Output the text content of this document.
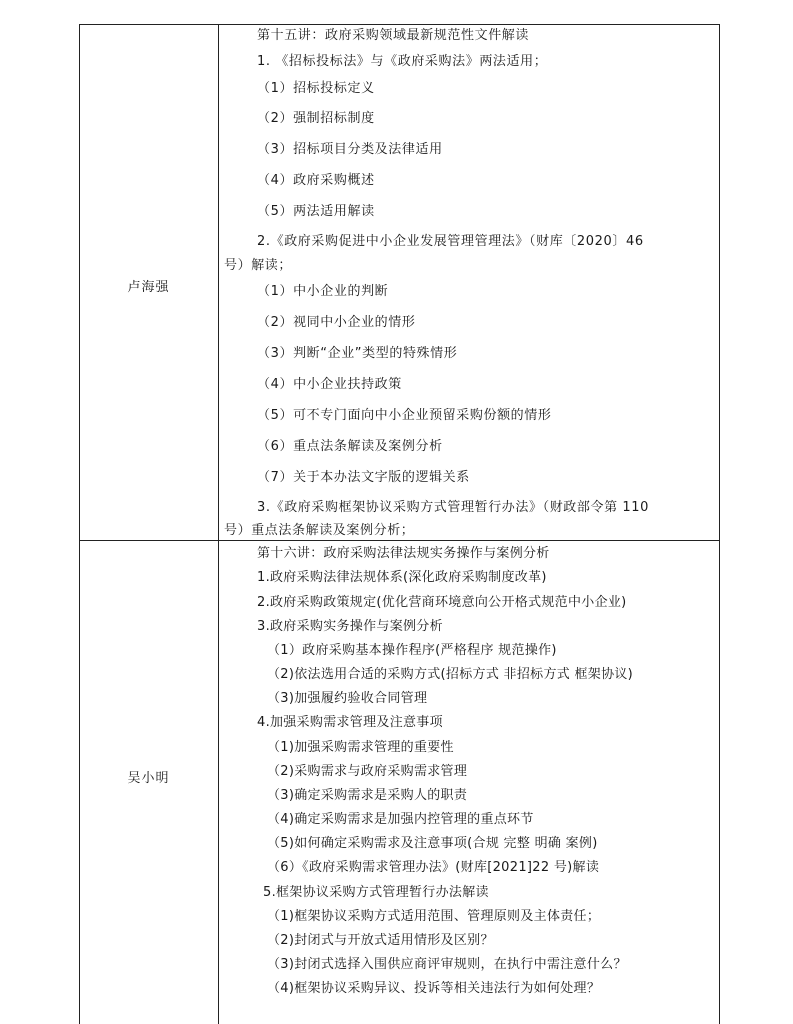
卢海强
第十五讲：政府采购领域最新规范性文件解读
1. 《招标投标法》与《政府采购法》两法适用；
（1）招标投标定义
（2）强制招标制度
（3）招标项目分类及法律适用
（4）政府采购概述
（5）两法适用解读
2.《政府采购促进中小企业发展管理管理法》（财库〔2020〕46
号）解读；
（1）中小企业的判断
（2）视同中小企业的情形
（3）判断“企业”类型的特殊情形
（4）中小企业扶持政策
（5）可不专门面向中小企业预留采购份额的情形
（6）重点法条解读及案例分析
（7）关于本办法文字版的逻辑关系
3.《政府采购框架协议采购方式管理暂行办法》（财政部令第 110
号）重点法条解读及案例分析；
吴小明
第十六讲：政府采购法律法规实务操作与案例分析
1.政府采购法律法规体系(深化政府采购制度改革)
2.政府采购政策规定(优化营商环境意向公开格式规范中小企业)
3.政府采购实务操作与案例分析
（1）政府采购基本操作程序(严格程序 规范操作)
（2)依法选用合适的采购方式(招标方式 非招标方式 框架协议)
（3)加强履约验收合同管理
4.加强采购需求管理及注意事项
（1)加强采购需求管理的重要性
（2)采购需求与政府采购需求管理
（3)确定采购需求是采购人的职责
（4)确定采购需求是加强内控管理的重点环节
（5)如何确定采购需求及注意事项(合规 完整 明确 案例)
（6）《政府采购需求管理办法》(财库[2021]22 号)解读
5.框架协议采购方式管理暂行办法解读
（1)框架协议采购方式适用范围、管理原则及主体责任；
（2)封闭式与开放式适用情形及区别？
（3)封闭式选择入围供应商评审规则，在执行中需注意什么？
（4)框架协议采购异议、投诉等相关违法行为如何处理？
